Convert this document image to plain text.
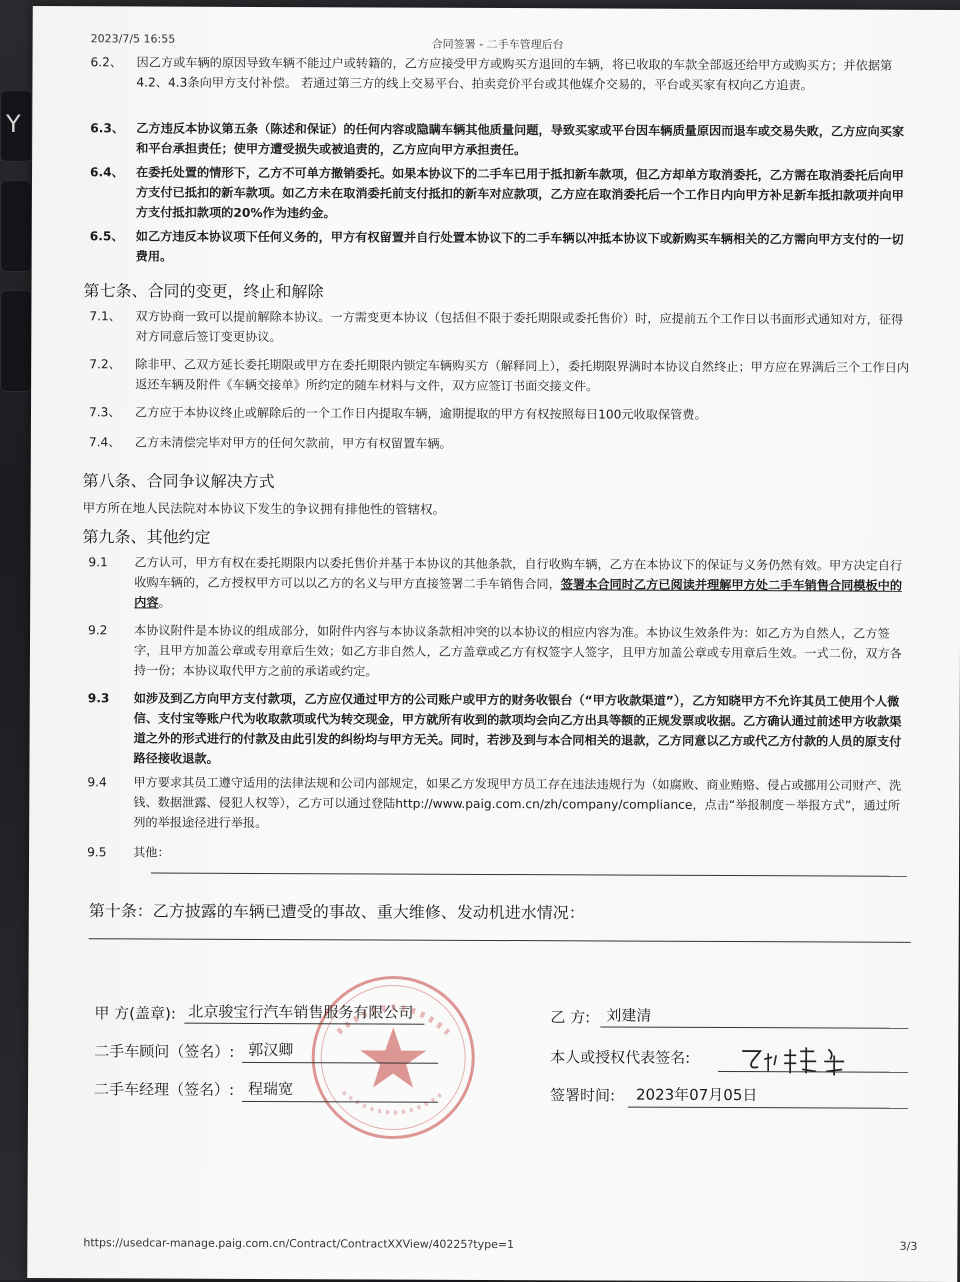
Y
2023/7/5 16:55	合同签署 - 二手车管理后台
6.2、 因乙方或车辆的原因导致车辆不能过户或转籍的，乙方应接受甲方或购买方退回的车辆，将已收取的车款全部返还给甲方或购买方；并依据第4.2、4.3条向甲方支付补偿。 若通过第三方的线上交易平台、拍卖竞价平台或其他媒介交易的，平台或买家有权向乙方追责。
6.3、 乙方违反本协议第五条（陈述和保证）的任何内容或隐瞒车辆其他质量问题，导致买家或平台因车辆质量原因而退车或交易失败，乙方应向买家和平台承担责任；使甲方遭受损失或被追责的，乙方应向甲方承担责任。
6.4、 在委托处置的情形下，乙方不可单方撤销委托。如果本协议下的二手车已用于抵扣新车款项，但乙方却单方取消委托，乙方需在取消委托后向甲方支付已抵扣的新车款项。如乙方未在取消委托前支付抵扣的新车对应款项，乙方应在取消委托后一个工作日内向甲方补足新车抵扣款项并向甲方支付抵扣款项的20%作为违约金。
6.5、 如乙方违反本协议项下任何义务的，甲方有权留置并自行处置本协议下的二手车辆以冲抵本协议下或新购买车辆相关的乙方需向甲方支付的一切费用。
第七条、合同的变更，终止和解除
7.1、 双方协商一致可以提前解除本协议。一方需变更本协议（包括但不限于委托期限或委托售价）时，应提前五个工作日以书面形式通知对方，征得对方同意后签订变更协议。
7.2、 除非甲、乙双方延长委托期限或甲方在委托期限内锁定车辆购买方（解释同上），委托期限界满时本协议自然终止；甲方应在界满后三个工作日内返还车辆及附件《车辆交接单》所约定的随车材料与文件，双方应签订书面交接文件。
7.3、 乙方应于本协议终止或解除后的一个工作日内提取车辆，逾期提取的甲方有权按照每日100元收取保管费。
7.4、 乙方未清偿完毕对甲方的任何欠款前，甲方有权留置车辆。
第八条、合同争议解决方式
甲方所在地人民法院对本协议下发生的争议拥有排他性的管辖权。
第九条、其他约定
9.1 乙方认可，甲方有权在委托期限内以委托售价并基于本协议的其他条款，自行收购车辆，乙方在本协议下的保证与义务仍然有效。甲方决定自行收购车辆的，乙方授权甲方可以以乙方的名义与甲方直接签署二手车销售合同，签署本合同时乙方已阅读并理解甲方处二手车销售合同模板中的内容。
9.2 本协议附件是本协议的组成部分，如附件内容与本协议条款相冲突的以本协议的相应内容为准。本协议生效条件为：如乙方为自然人，乙方签字，且甲方加盖公章或专用章后生效；如乙方非自然人，乙方盖章或乙方有权签字人签字，且甲方加盖公章或专用章后生效。一式二份，双方各持一份；本协议取代甲方之前的承诺或约定。
9.3 如涉及到乙方向甲方支付款项，乙方应仅通过甲方的公司账户或甲方的财务收银台（“甲方收款渠道”），乙方知晓甲方不允许其员工使用个人微信、支付宝等账户代为收取款项或代为转交现金，甲方就所有收到的款项均会向乙方出具等额的正规发票或收据。乙方确认通过前述甲方收款渠道之外的形式进行的付款及由此引发的纠纷均与甲方无关。同时，若涉及到与本合同相关的退款，乙方同意以乙方或代乙方付款的人员的原支付路径接收退款。
9.4 甲方要求其员工遵守适用的法律法规和公司内部规定，如果乙方发现甲方员工存在违法违规行为（如腐败、商业贿赂、侵占或挪用公司财产、洗钱、数据泄露、侵犯人权等），乙方可以通过登陆http://www.paig.com.cn/zh/company/compliance，点击“举报制度－举报方式”，通过所列的举报途径进行举报。
9.5 其他：
第十条：乙方披露的车辆已遭受的事故、重大维修、发动机进水情况：
甲 方(盖章): 北京骏宝行汽车销售服务有限公司
二手车顾问（签名）: 郭汉卿
二手车经理（签名）: 程瑞宽
乙 方: 刘建清
本人或授权代表签名:
签署时间: 2023年07月05日
https://usedcar-manage.paig.com.cn/Contract/ContractXXView/40225?type=1	3/3
